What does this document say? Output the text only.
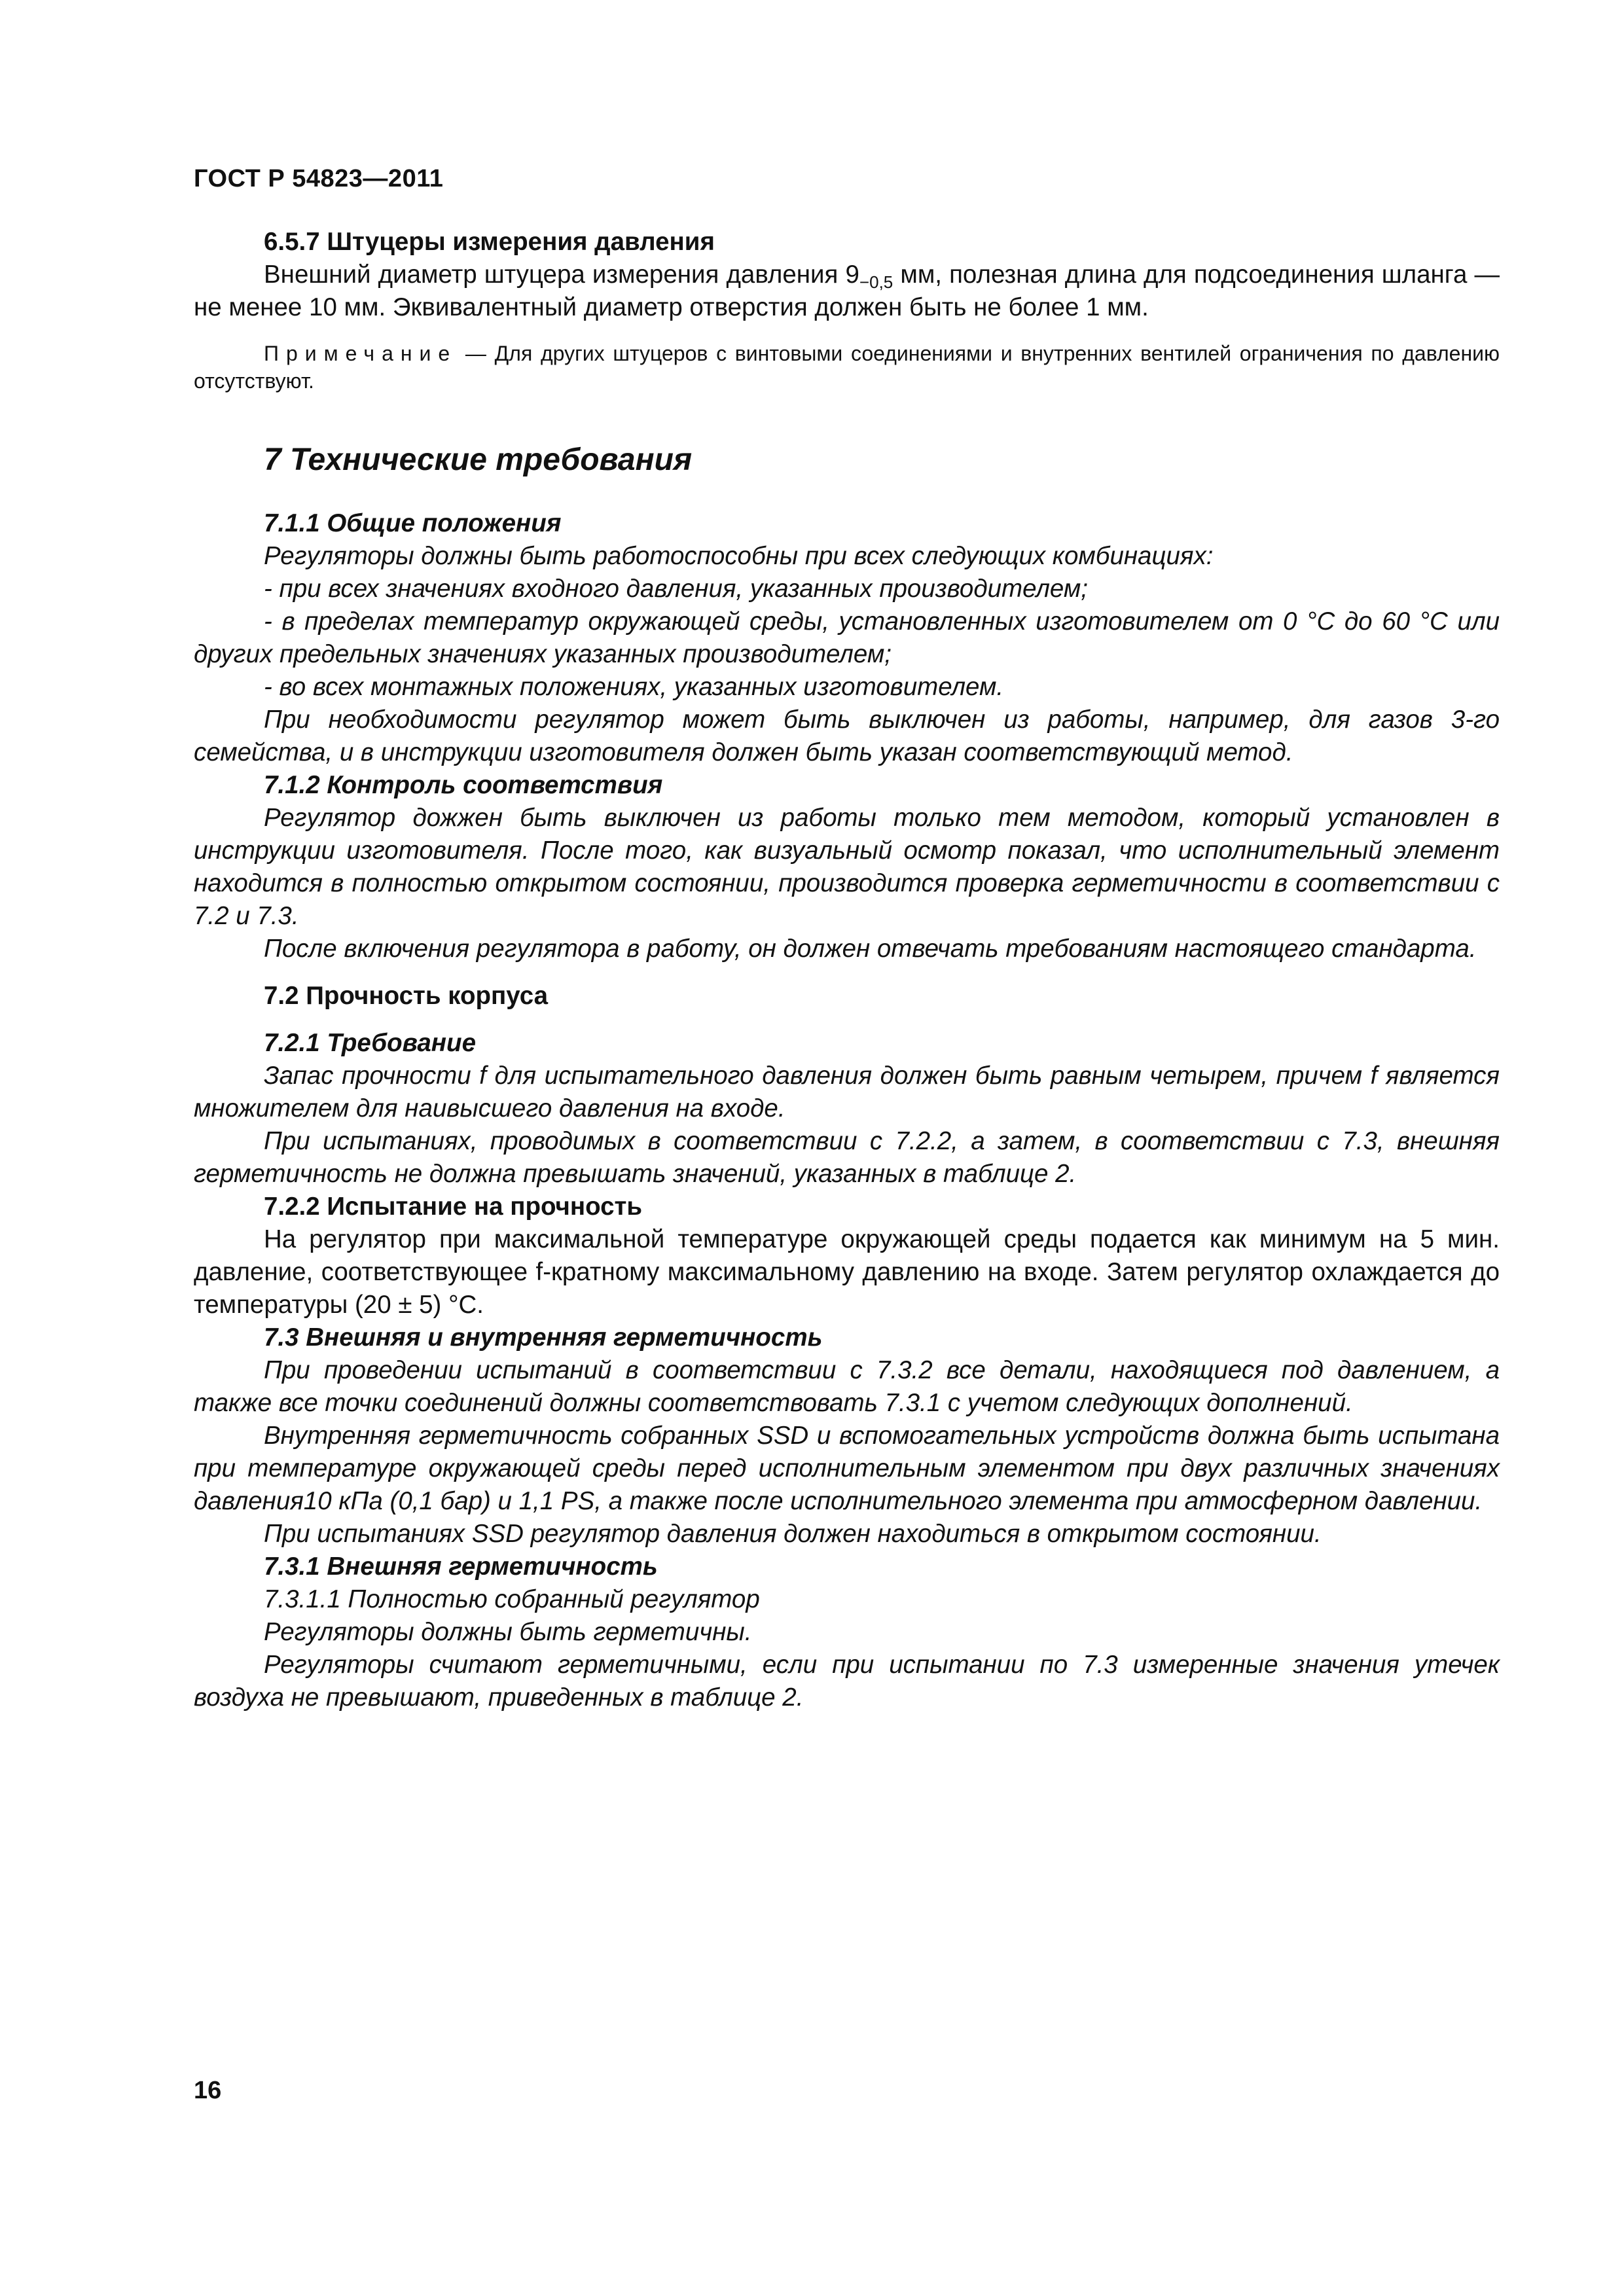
ГОСТ Р 54823—2011

6.5.7 Штуцеры измерения давления

Внешний диаметр штуцера измерения давления $9_{-0,5}$ мм, полезная длина для подсоединения шланга — не менее 10 мм. Эквивалентный диаметр отверстия должен быть не более 1 мм.

Примечание — Для других штуцеров с винтовыми соединениями и внутренних вентилей ограничения по давлению отсутствуют.

7 Технические требования

7.1.1 Общие положения

Регуляторы должны быть работоспособны при всех следующих комбинациях:

- при всех значениях входного давления, указанных производителем;

- в пределах температур окружающей среды, установленных изготовителем от 0 °С до 60 °С или других предельных значениях указанных производителем;

- во всех монтажных положениях, указанных изготовителем.

При необходимости регулятор может быть выключен из работы, например, для газов 3-го семейства, и в инструкции изготовителя должен быть указан соответствующий метод.

7.1.2 Контроль соответствия

Регулятор дожжен быть выключен из работы только тем методом, который установлен в инструкции изготовителя. После того, как визуальный осмотр показал, что исполнительный элемент находится в полностью открытом состоянии, производится проверка герметичности в соответствии с 7.2 и 7.3.

После включения регулятора в работу, он должен отвечать требованиям настоящего стандарта.

7.2 Прочность корпуса

7.2.1 Требование

Запас прочности f для испытательного давления должен быть равным четырем, причем f является множителем для наивысшего давления на входе.

При испытаниях, проводимых в соответствии с 7.2.2, а затем, в соответствии с 7.3, внешняя герметичность не должна превышать значений, указанных в таблице 2.

7.2.2 Испытание на прочность

На регулятор при максимальной температуре окружающей среды подается как минимум на 5 мин. давление, соответствующее f-кратному максимальному давлению на входе. Затем регулятор охлаждается до температуры (20 ± 5) °С.

7.3 Внешняя и внутренняя герметичность

При проведении испытаний в соответствии с 7.3.2 все детали, находящиеся под давлением, а также все точки соединений должны соответствовать 7.3.1 с учетом следующих дополнений.

Внутренняя герметичность собранных SSD и вспомогательных устройств должна быть испытана при температуре окружающей среды перед исполнительным элементом при двух различных значениях давления10 кПа (0,1 бар) и 1,1 PS, а также после исполнительного элемента при атмосферном давлении.

При испытаниях SSD регулятор давления должен находиться в открытом состоянии.

7.3.1 Внешняя герметичность

7.3.1.1 Полностью собранный регулятор

Регуляторы должны быть герметичны.

Регуляторы считают герметичными, если при испытании по 7.3 измеренные значения утечек воздуха не превышают, приведенных в таблице 2.

16
